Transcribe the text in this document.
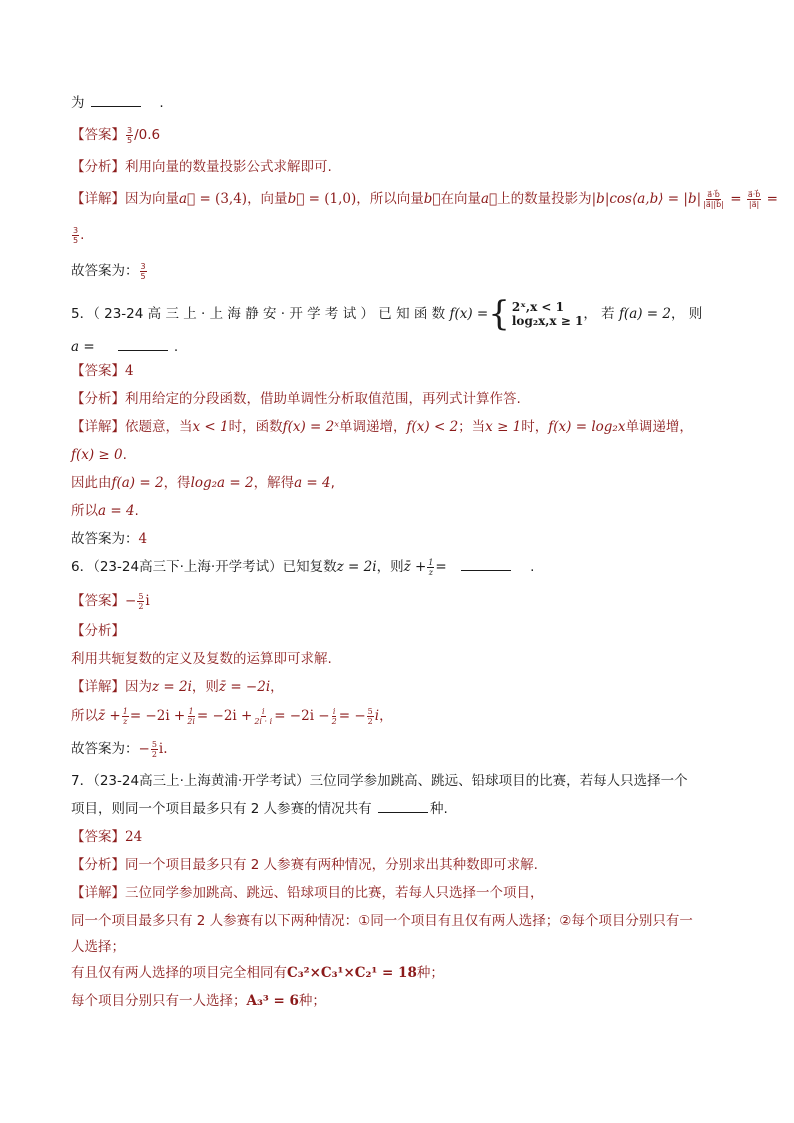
为	.
【答案】 $\frac{3}{5} /0.6$
【分析】利用向量的数量投影公式求解即可.
【详解】因为向量a⃗ = (3,4)，向量b⃗ = (1,0)，所以向量b⃗在向量a⃗上的数量投影为|b|cos⟨a,b⟩ = $|b| \frac{a⃗\cdot b⃗}{|a⃗||b⃗|} = \frac{a⃗\cdot b⃗}{|a⃗|}$ =
$\frac{3}{5}$ .
故答案为： $\frac{3}{5}$
5．（ 23-24 高 三 上 · 上 海 静 安 · 开 学 考 试 ） 已 知 函 数 f(x) = { 2ˣ,x < 1
log₂x,x ≥ 1 ， 若 f(a) = 2， 则
a =	.
【答案】4
【分析】利用给定的分段函数，借助单调性分析取值范围，再列式计算作答.
【详解】依题意，当x < 1时，函数f(x) = 2ˣ单调递增，f(x) < 2；当x ≥ 1时，f(x) = log₂x单调递增，
f(x) ≥ 0.
因此由f(a) = 2，得log₂a = 2，解得a = 4,
所以a = 4.
故答案为：4
6．（23-24高三下·上海·开学考试）已知复数z = 2i，则z̄ + $\frac{1}{z}$ =	.
【答案】− $\frac{5}{2}$ i
【分析】
利用共轭复数的定义及复数的运算即可求解.
【详解】因为z = 2i，则z̄ = −2i，
所以z̄ + $\frac{1}{z} = -2i + \frac{1}{2i} = -2i + \frac{i}{2i \cdot i} = -2i - \frac{i}{2}$ = − $\frac{5}{2}$ i，
故答案为：− $\frac{5}{2} i$.
7．（23-24高三上·上海黄浦·开学考试）三位同学参加跳高、跳远、铅球项目的比赛，若每人只选择一个
项目，则同一个项目最多只有 2 人参赛的情况共有	种.
【答案】24
【分析】同一个项目最多只有 2 人参赛有两种情况，分别求出其种数即可求解.
【详解】三位同学参加跳高、跳远、铅球项目的比赛，若每人只选择一个项目，
同一个项目最多只有 2 人参赛有以下两种情况：①同一个项目有且仅有两人选择；②每个项目分别只有一
人选择；
有且仅有两人选择的项目完全相同有C₃²×C₃¹×C₂¹ = 18种；
每个项目分别只有一人选择；A₃³ = 6种；
